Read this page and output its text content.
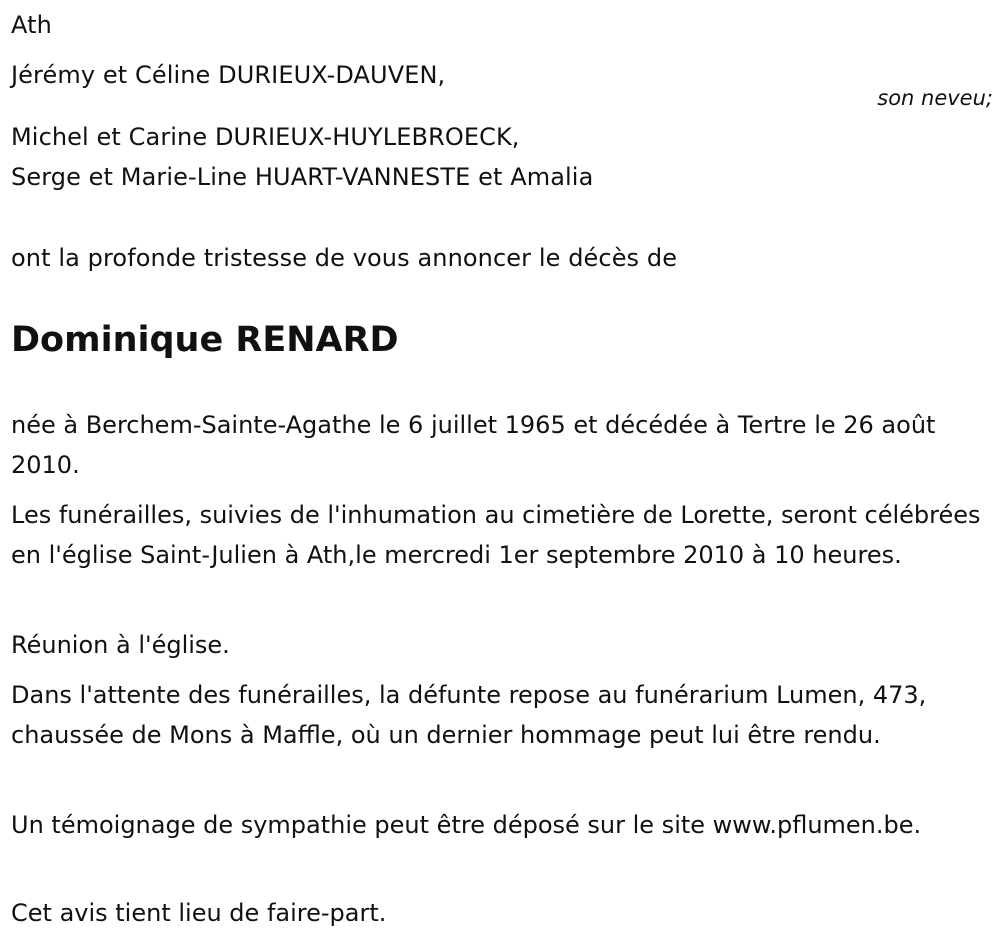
Ath
Jérémy et Céline DURIEUX-DAUVEN,
son neveu;
Michel et Carine DURIEUX-HUYLEBROECK,
Serge et Marie-Line HUART-VANNESTE et Amalia
ont la profonde tristesse de vous annoncer le décès de
Dominique RENARD
née à Berchem-Sainte-Agathe le 6 juillet 1965 et décédée à Tertre le 26 août 2010.
Les funérailles, suivies de l'inhumation au cimetière de Lorette, seront célébrées en l'église Saint-Julien à Ath,le mercredi 1er septembre 2010 à 10 heures.
Réunion à l'église.
Dans l'attente des funérailles, la défunte repose au funérarium Lumen, 473, chaussée de Mons à Maffle, où un dernier hommage peut lui être rendu.
Un témoignage de sympathie peut être déposé sur le site www.pflumen.be.
Cet avis tient lieu de faire-part.
